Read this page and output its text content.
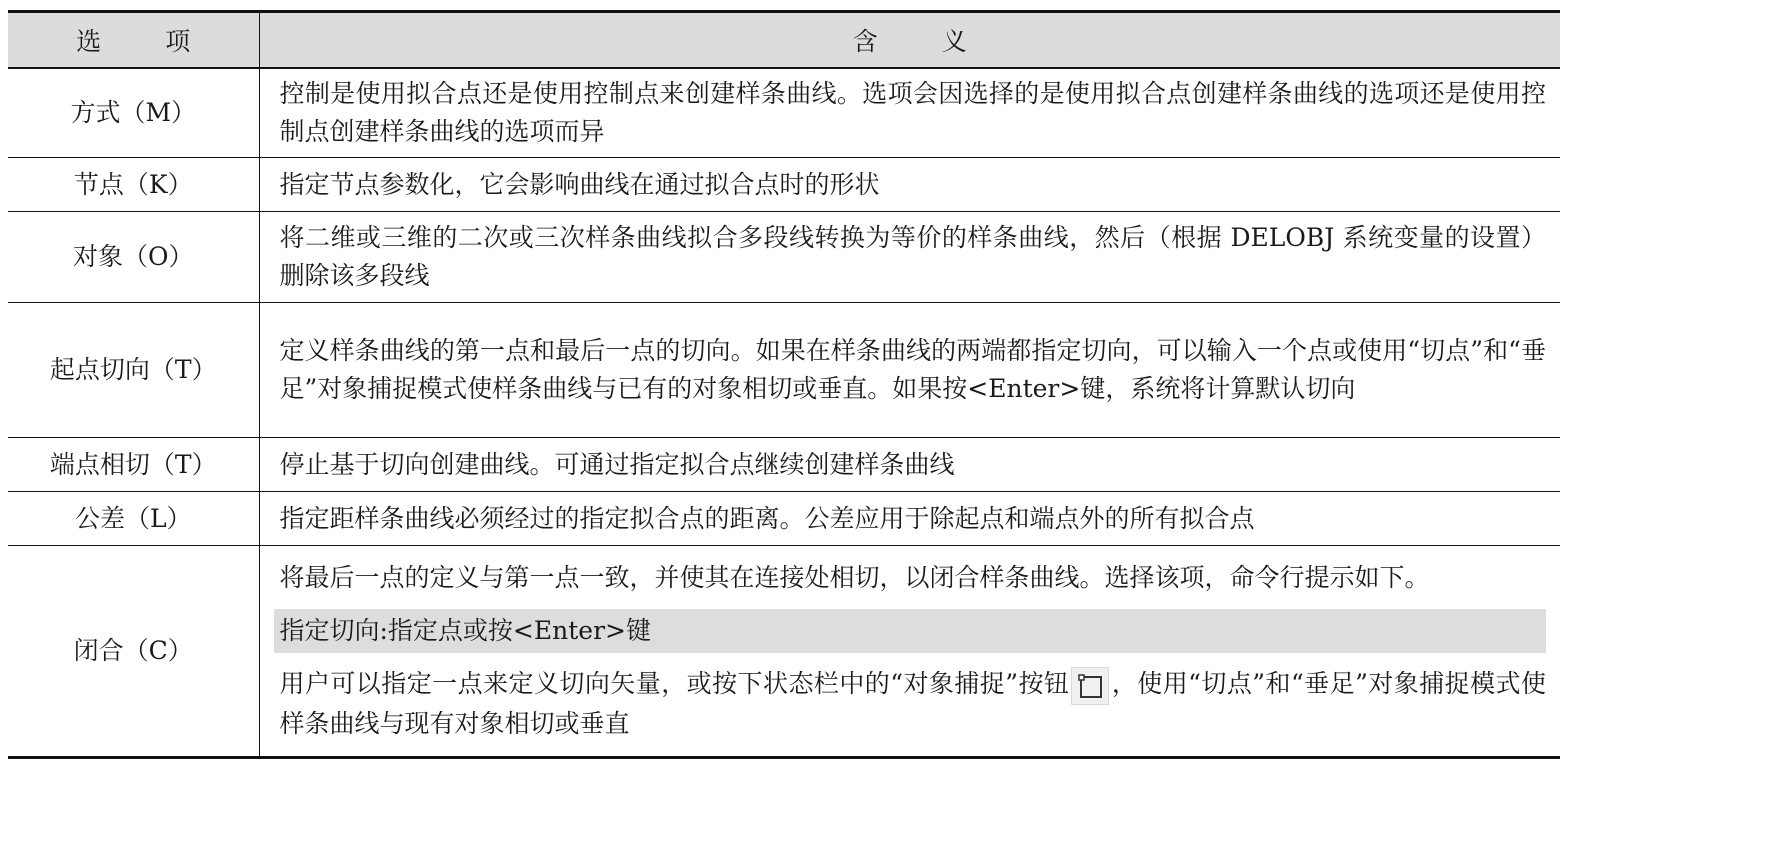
选 项	含 义
方式（M）	控制是使用拟合点还是使用控制点来创建样条曲线。选项会因选择的是使用拟合点创建样条曲线的选项还是使用控制点创建样条曲线的选项而异
节点（K）	指定节点参数化，它会影响曲线在通过拟合点时的形状
对象（O）	将二维或三维的二次或三次样条曲线拟合多段线转换为等价的样条曲线，然后（根据 DELOBJ 系统变量的设置）删除该多段线
起点切向（T）	定义样条曲线的第一点和最后一点的切向。如果在样条曲线的两端都指定切向，可以输入一个点或使用“切点”和“垂足”对象捕捉模式使样条曲线与已有的对象相切或垂直。如果按<Enter>键，系统将计算默认切向
端点相切（T）	停止基于切向创建曲线。可通过指定拟合点继续创建样条曲线
公差（L）	指定距样条曲线必须经过的指定拟合点的距离。公差应用于除起点和端点外的所有拟合点
闭合（C）	将最后一点的定义与第一点一致，并使其在连接处相切，以闭合样条曲线。选择该项，命令行提示如下。

指定切向:指定点或按<Enter>键

用户可以指定一点来定义切向矢量，或按下状态栏中的“对象捕捉”按钮 ，使用“切点”和“垂足”对象捕捉模式使样条曲线与现有对象相切或垂直
